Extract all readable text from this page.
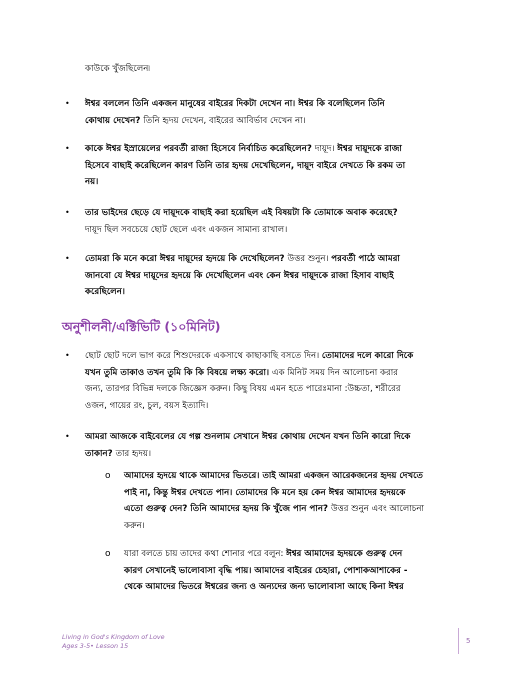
কাউকে খুঁজছিলেন৷
• ঈশ্বর বললেন তিনি একজন মানুষের বাইরের দিকটা দেখেন না। ঈশ্বর কি বলেছিলেন তিনি
কোথায় দেখেন? তিনি হৃদয় দেখেন, বাইরের আবির্ভাব দেখেন না।
• কাকে ঈশ্বর ইস্রায়েলের পরবর্তী রাজা হিসেবে নির্বাচিত করেছিলেন? দায়ূদ। ঈশ্বর দায়ূদকে রাজা
হিসেবে বাছাই করেছিলেন কারণ তিনি তার হৃদয় দেখেছিলেন, দায়ূদ বাইরে দেখতে কি রকম তা
নয়।
• তার ভাইদের ছেড়ে যে দায়ূদকে বাছাই করা হয়েছিল এই বিষয়টা কি তোমাকে অবাক করেছে?
দায়ূদ ছিল সবচেয়ে ছোট ছেলে এবং একজন সামান্য রাখাল।
• তোমরা কি মনে করো ঈশ্বর দায়ূদের হৃদয়ে কি দেখেছিলেন? উত্তর শুনুন। পরবর্তী পাঠে আমরা
জানবো যে ঈশ্বর দায়ূদের হৃদয়ে কি দেখেছিলেন এবং কেন ঈশ্বর দায়ূদকে রাজা হিসাব বাছাই
করেছিলেন।
অনুশীলনী/এক্টিভিটি (১০মিনিট)
• ছোট ছোট দলে ভাগ করে শিশুদেরকে একসাথে কাছাকাছি বসতে দিন। তোমাদের দলে কারো দিকে
যখন তুমি তাকাও তখন তুমি কি কি বিষয়ে লক্ষ্য করো। এক মিনিট সময় দিন আলোচনা করার
জন্য, তারপর বিভিন্ন দলকে জিজ্ঞেস করুন। কিছু বিষয় এমন হতে পারেঃমানা :উচ্চতা, শরীরের
ওজন, গায়ের রং, চুল, বয়স ইত্যাদি।
• আমরা আজকে বাইবেলের যে গল্প শুনলাম সেখানে ঈশ্বর কোথায় দেখেন যখন তিনি কারো দিকে
তাকান? তার হৃদয়।
o আমাদের হৃদয়ে থাকে আমাদের ভিতরে। তাই আমরা একজন আরেকজনের হৃদয় দেখতে
পাই না, কিন্তু ঈশ্বর দেখতে পান। তোমাদের কি মনে হয় কেন ঈশ্বর আমাদের হৃদয়কে
এতো গুরুত্ব দেন? তিনি আমাদের হৃদয় কি খুঁজে পান পান? উত্তর শুনুন এবং আলোচনা
করুন।
o যারা বলতে চায় তাদের কথা শোনার পরে বলুন: ঈশ্বর আমাদের হৃদয়কে গুরুত্ব দেন
কারণ সেখানেই ভালোবাসা বৃদ্ধি পায়। আমাদের বাইরের চেহারা, পোশাকআশাকের -
থেকে আমাদের ভিতরে ঈশ্বরের জন্য ও অন্যদের জন্য ভালোবাসা আছে কিনা ঈশ্বর
Living in God's Kingdom of Love
Ages 3-5• Lesson 15
5
